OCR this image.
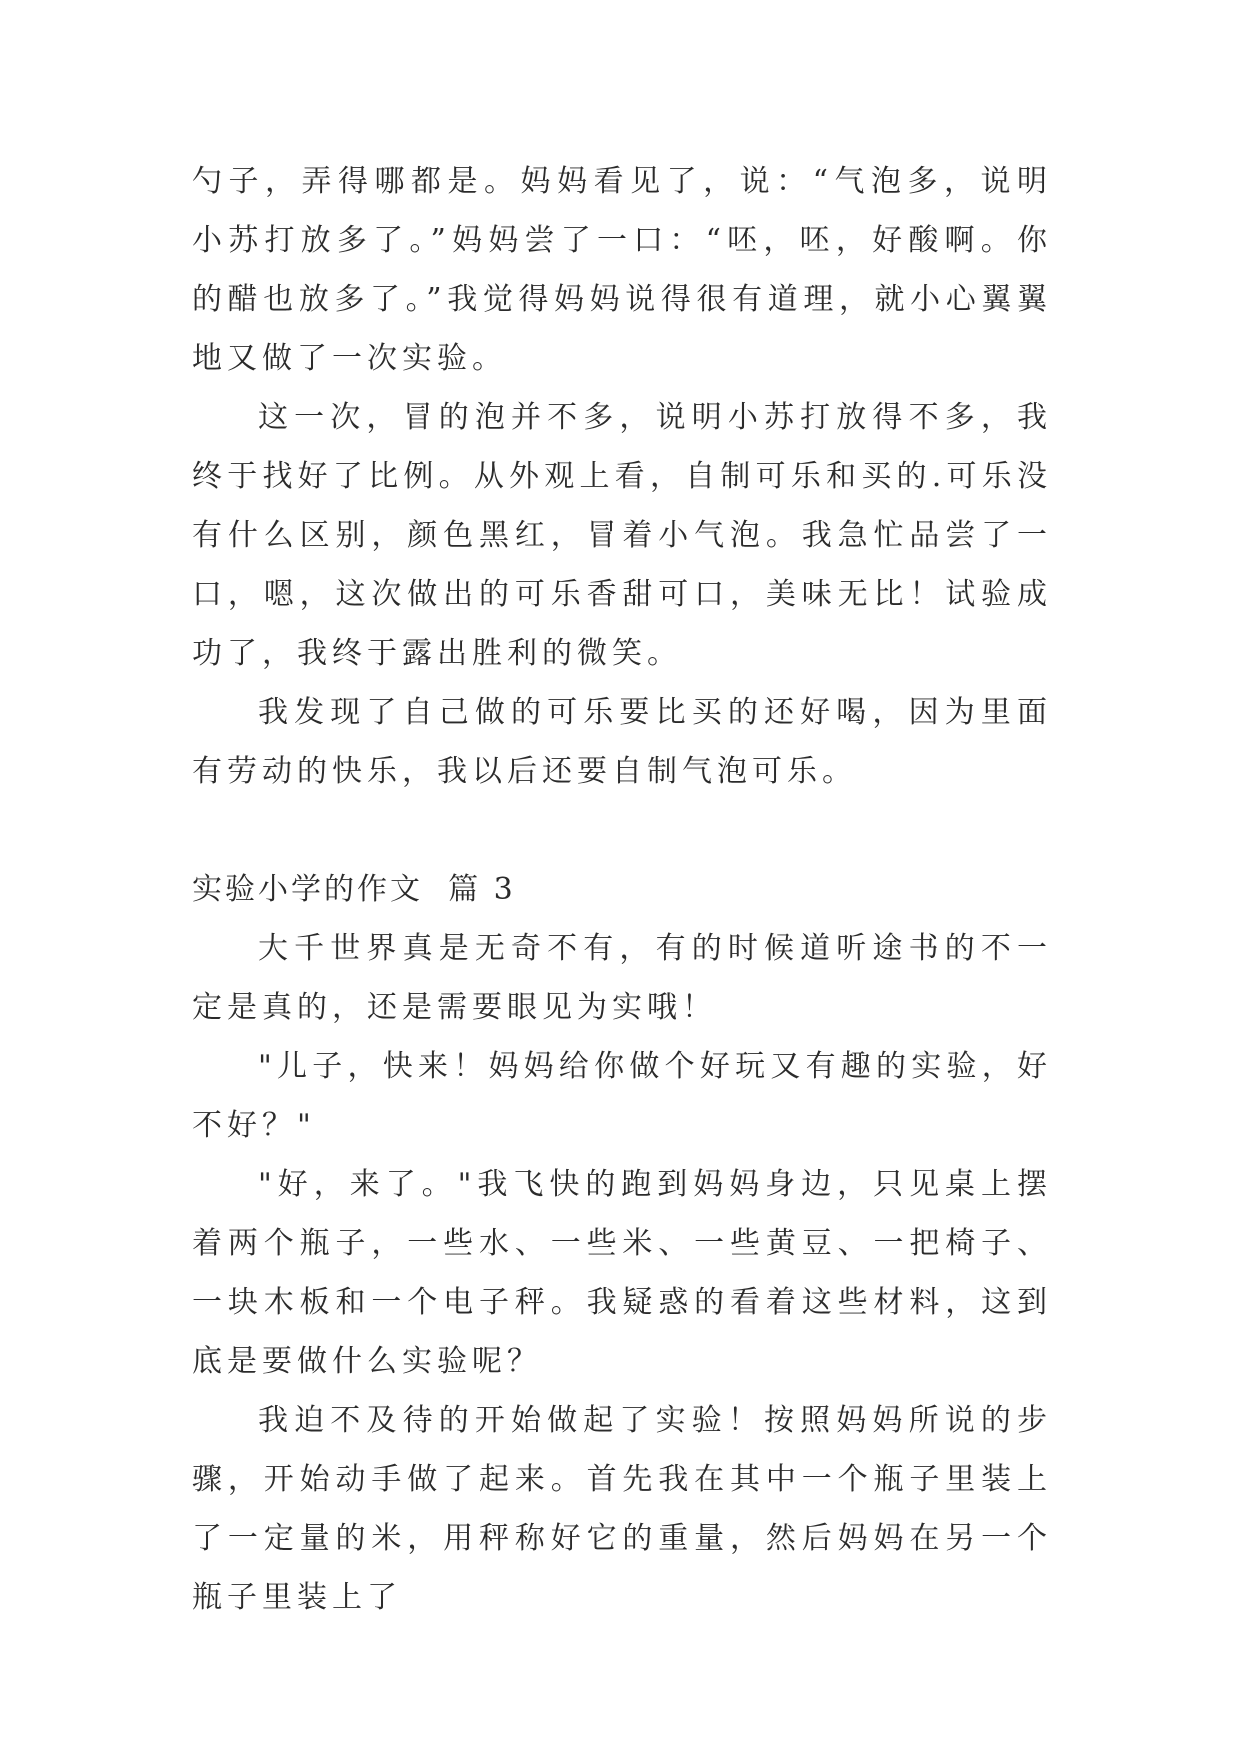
勺子，弄得哪都是。妈妈看见了，说：“气泡多，说明小苏打放多了。”妈妈尝了一口：“呸，呸，好酸啊。你的醋也放多了。”我觉得妈妈说得很有道理，就小心翼翼地又做了一次实验。

这一次，冒的泡并不多，说明小苏打放得不多，我终于找好了比例。从外观上看，自制可乐和买的.可乐没有什么区别，颜色黑红，冒着小气泡。我急忙品尝了一口，嗯，这次做出的可乐香甜可口，美味无比！试验成功了，我终于露出胜利的微笑。

我发现了自己做的可乐要比买的还好喝，因为里面有劳动的快乐，我以后还要自制气泡可乐。

实验小学的作文  篇 3

大千世界真是无奇不有，有的时候道听途书的不一定是真的，还是需要眼见为实哦！

"儿子，快来！妈妈给你做个好玩又有趣的实验，好不好？"

"好，来了。"我飞快的跑到妈妈身边，只见桌上摆着两个瓶子，一些水、一些米、一些黄豆、一把椅子、一块木板和一个电子秤。我疑惑的看着这些材料，这到底是要做什么实验呢？

我迫不及待的开始做起了实验！按照妈妈所说的步骤，开始动手做了起来。首先我在其中一个瓶子里装上了一定量的米，用秤称好它的重量，然后妈妈在另一个瓶子里装上了
